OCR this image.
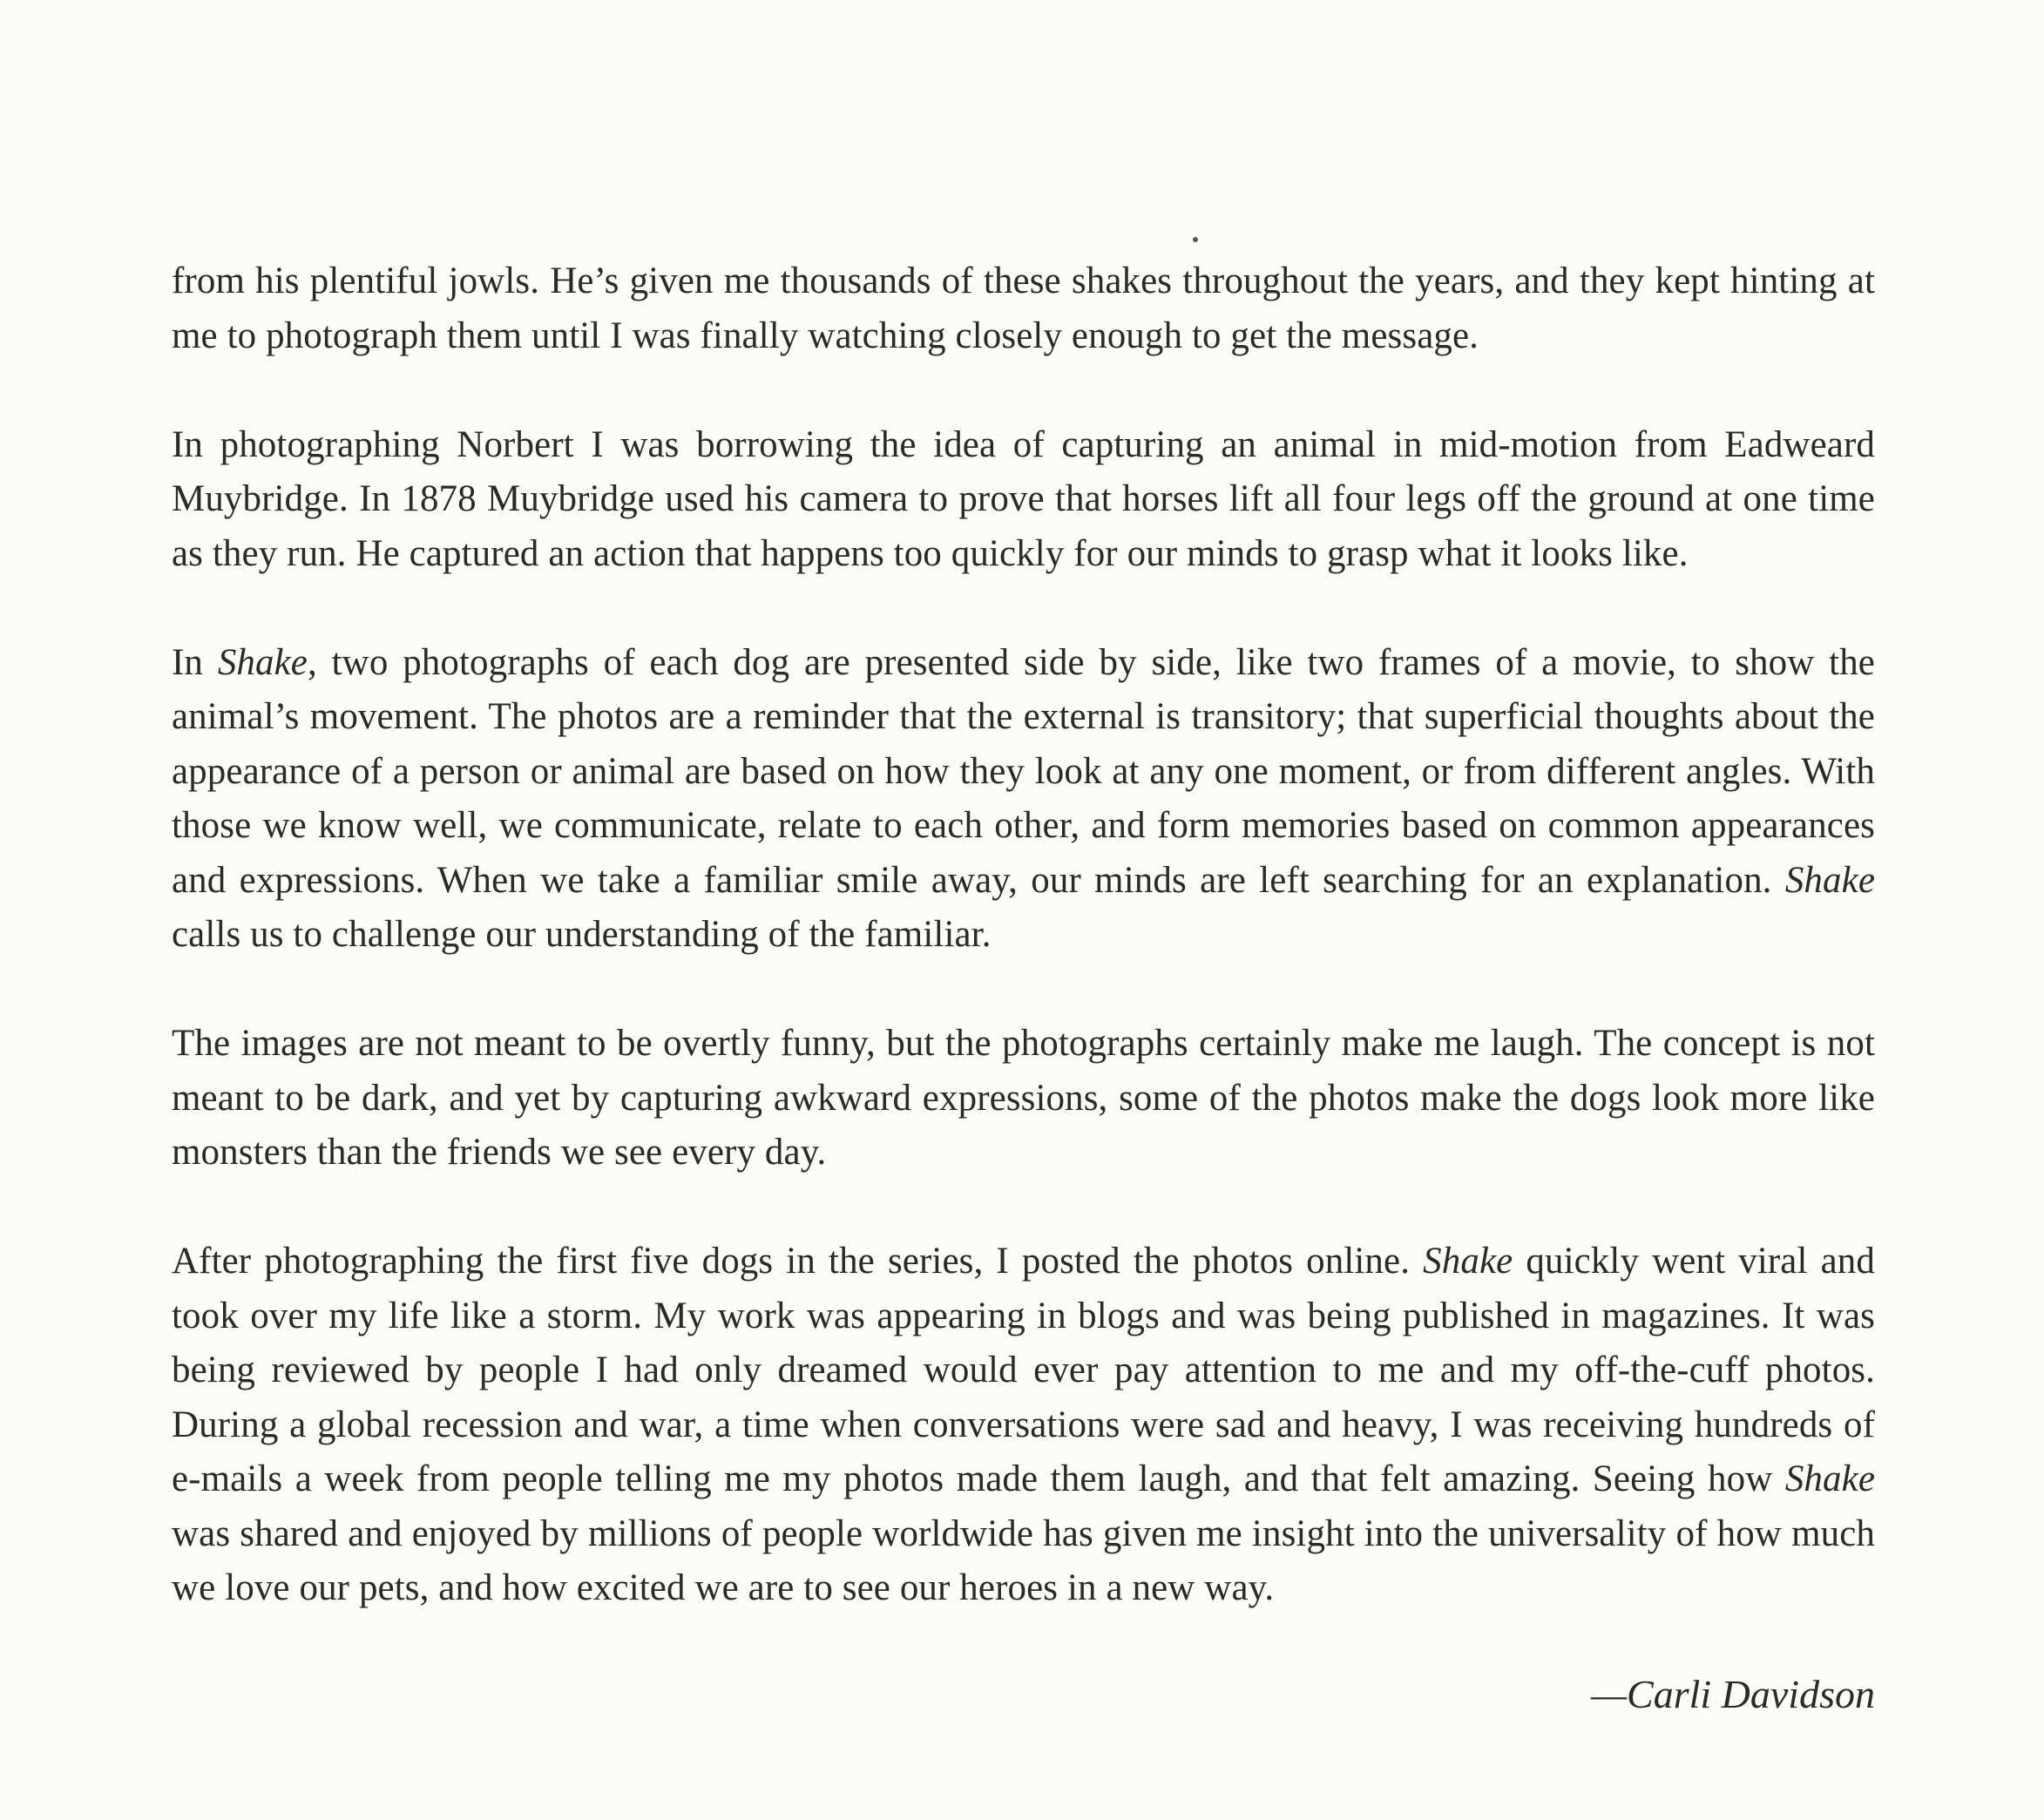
from his plentiful jowls. He’s given me thousands of these shakes throughout the years, and they kept hinting at me to photograph them until I was finally watching closely enough to get the message.

In photographing Norbert I was borrowing the idea of capturing an animal in mid-motion from Eadweard Muybridge. In 1878 Muybridge used his camera to prove that horses lift all four legs off the ground at one time as they run. He captured an action that happens too quickly for our minds to grasp what it looks like.

In Shake, two photographs of each dog are presented side by side, like two frames of a movie, to show the animal’s movement. The photos are a reminder that the external is transitory; that superficial thoughts about the appearance of a person or animal are based on how they look at any one moment, or from different angles. With those we know well, we communicate, relate to each other, and form memories based on common appearances and expressions. When we take a familiar smile away, our minds are left searching for an explanation. Shake calls us to challenge our understanding of the familiar.

The images are not meant to be overtly funny, but the photographs certainly make me laugh. The concept is not meant to be dark, and yet by capturing awkward expressions, some of the photos make the dogs look more like monsters than the friends we see every day.

After photographing the first five dogs in the series, I posted the photos online. Shake quickly went viral and took over my life like a storm. My work was appearing in blogs and was being published in magazines. It was being reviewed by people I had only dreamed would ever pay attention to me and my off-the-cuff photos. During a global recession and war, a time when conversations were sad and heavy, I was receiving hundreds of e-mails a week from people telling me my photos made them laugh, and that felt amazing. Seeing how Shake was shared and enjoyed by millions of people worldwide has given me insight into the universality of how much we love our pets, and how excited we are to see our heroes in a new way.

—Carli Davidson
